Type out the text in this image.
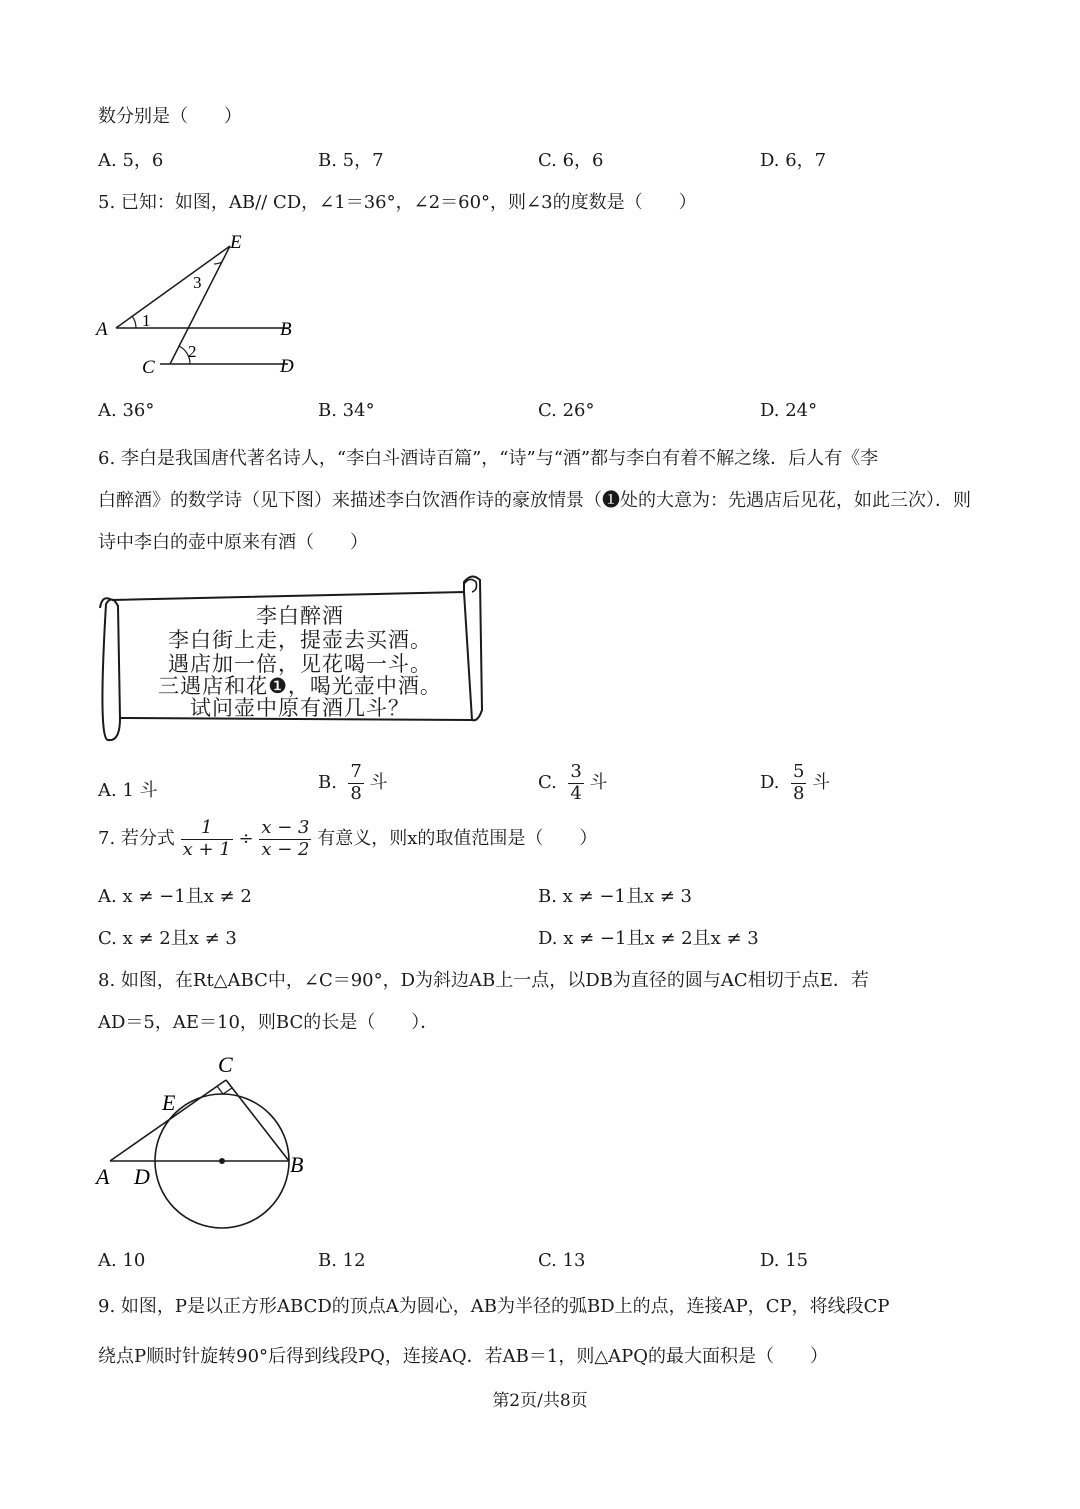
数分别是（　　）
A. 5，6	B. 5，7	C. 6，6	D. 6，7
5. 已知：如图，AB// CD，∠1＝36°，∠2＝60°，则∠3的度数是（　　）
E
3
A 1	B
C
2
D
A. 36°	B. 34°	C. 26°	D. 24°
6. 李白是我国唐代著名诗人，“李白斗酒诗百篇”，“诗”与“酒”都与李白有着不解之缘．后人有《李
白醉酒》的数学诗（见下图）来描述李白饮酒作诗的豪放情景（❶处的大意为：先遇店后见花，如此三次）．则
诗中李白的壶中原来有酒（　　）
李白醉酒
李白街上走，提壶去买酒。
遇店加一倍，见花喝一斗。
三遇店和花❶，喝光壶中酒。
试问壶中原有酒几斗？
A. 1 斗	B. $\frac{7}{8}$ 斗	C. $\frac{3}{4}$ 斗	D. $\frac{5}{8}$ 斗
7. 若分式 $\frac{1}{x + 1} \div \frac{x - 3}{x - 2}$ 有意义，则x的取值范围是（　　）
A. x ≠ −1且x ≠ 2	B. x ≠ −1且x ≠ 3
C. x ≠ 2且x ≠ 3	D. x ≠ −1且x ≠ 2且x ≠ 3
8. 如图，在Rt△ABC中，∠C＝90°，D为斜边AB上一点，以DB为直径的圆与AC相切于点E．若
AD＝5，AE＝10，则BC的长是（　　）．
C
E
A D	B
A. 10	B. 12	C. 13	D. 15
9. 如图，P是以正方形ABCD的顶点A为圆心，AB为半径的弧BD上的点，连接AP，CP，将线段CP
绕点P顺时针旋转90°后得到线段PQ，连接AQ．若AB＝1，则△APQ的最大面积是（　　）
第2页/共8页
